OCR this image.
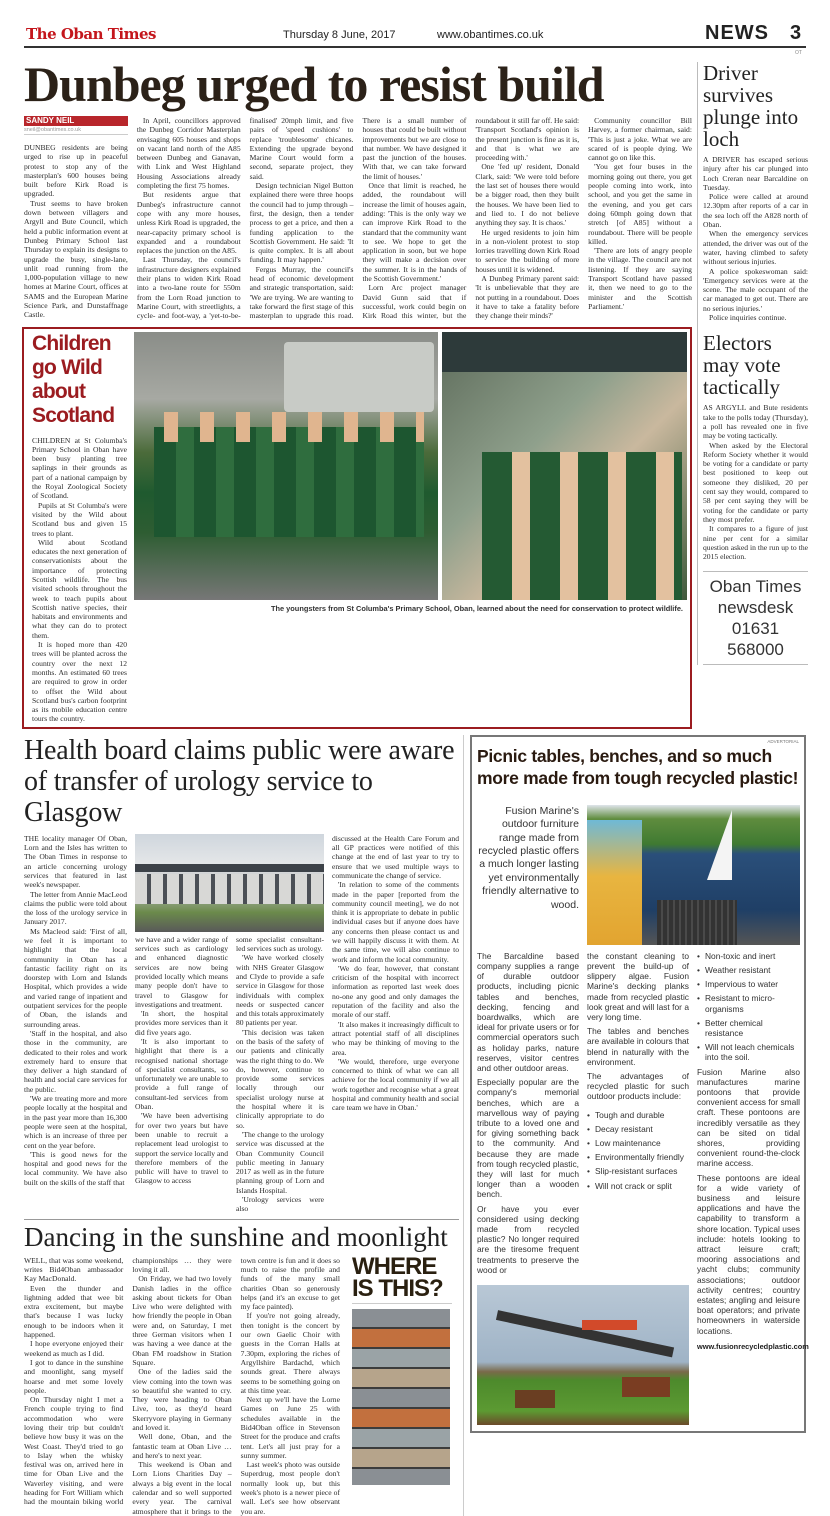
The Oban Times	Thursday 8 June, 2017	www.obantimes.co.uk	NEWS 3
OT
Dunbeg urged to resist build
SANDY NEIL
sneil@obantimes.co.uk

DUNBEG residents are being urged to rise up in peaceful protest to stop any of the masterplan's 600 houses being built before Kirk Road is upgraded.

Trust seems to have broken down between villagers and Argyll and Bute Council, which held a public information event at Dunbeg Primary School last Thursday to explain its designs to upgrade the busy, single-lane, unlit road running from the 1,000-population village to new homes at Marine Court, offices at SAMS and the European Marine Science Park, and Dunstaffnage Castle.

In April, councillors approved the Dunbeg Corridor Masterplan envisaging 605 houses and shops on vacant land north of the A85 between Dunbeg and Ganavan, with Link and West Highland Housing Associations already completing the first 75 homes.

But residents argue that Dunbeg's infrastructure cannot cope with any more houses, unless Kirk Road is upgraded, the near-capacity primary school is expanded and a roundabout replaces the junction on the A85.

Last Thursday, the council's infrastructure designers explained their plans to widen Kirk Road into a two-lane route for 550m from the Lorn Road junction to Marine Court, with streetlights, a cycle- and foot-way, a 'yet-to-be-finalised' 20mph limit, and five pairs of 'speed cushions' to replace 'troublesome' chicanes. Extending the upgrade beyond Marine Court would form a second, separate project, they said.

Design technician Nigel Button explained there were three hoops the council had to jump through – first, the design, then a tender process to get a price, and then a funding application to the Scottish Government. He said: 'It is quite complex. It is all about funding. It may happen.'

Fergus Murray, the council's head of economic development and strategic transportation, said: 'We are trying. We are wanting to take forward the first stage of this masterplan to upgrade this road. There is a small number of houses that could be built without improvements but we are close to that number. We have designed it past the junction of the houses. With that, we can take forward the limit of houses.'

Once that limit is reached, he added, the roundabout will increase the limit of houses again, adding: 'This is the only way we can improve Kirk Road to the standard that the community want to see. We hope to get the application in soon, but we hope they will make a decision over the summer. It is in the hands of the Scottish Government.'

Lorn Arc project manager David Gunn said that if successful, work could begin on Kirk Road this winter, but the roundabout it still far off. He said: 'Transport Scotland's opinion is the present junction is fine as it is, and that is what we are proceeding with.'

One 'fed up' resident, Donald Clark, said: 'We were told before the last set of houses there would be a bigger road, then they built the houses. We have been lied to and lied to. I do not believe anything they say. It is chaos.'

He urged residents to join him in a non-violent protest to stop lorries travelling down Kirk Road to service the building of more houses until it is widened.

A Dunbeg Primary parent said: 'It is unbelievable that they are not putting in a roundabout. Does it have to take a fatality before they change their minds?'

Community councillor Bill Harvey, a former chairman, said: 'This is just a joke. What we are scared of is people dying. We cannot go on like this.

'You get four buses in the morning going out there, you get people coming into work, into school, and you get the same in the evening, and you get cars doing 60mph going down that stretch [of A85] without a roundabout. There will be people killed.

'There are lots of angry people in the village. The council are not listening. If they are saying Transport Scotland have passed it, then we need to go to the minister and the Scottish Parliament.'

Children go Wild about Scotland

CHILDREN at St Columba's Primary School in Oban have been busy planting tree saplings in their grounds as part of a national campaign by the Royal Zoological Society of Scotland.

Pupils at St Columba's were visited by the Wild about Scotland bus and given 15 trees to plant.

Wild about Scotland educates the next generation of conservationists about the importance of protecting Scottish wildlife. The bus visited schools throughout the week to teach pupils about Scottish native species, their habitats and environments and what they can do to protect them.

It is hoped more than 420 trees will be planted across the country over the next 12 months. An estimated 60 trees are required to grow in order to offset the Wild about Scotland bus's carbon footprint as its mobile education centre tours the country.

The youngsters from St Columba's Primary School, Oban, learned about the need for conservation to protect wildlife.
Driver survives plunge into loch

A DRIVER has escaped serious injury after his car plunged into Loch Creran near Barcaldine on Tuesday.

Police were called at around 12.30pm after reports of a car in the sea loch off the A828 north of Oban.

When the emergency services attended, the driver was out of the water, having climbed to safety without serious injuries.

A police spokeswoman said: 'Emergency services were at the scene. The male occupant of the car managed to get out. There are no serious injuries.'

Police inquiries continue.

Electors may vote tactically

AS ARGYLL and Bute residents take to the polls today (Thursday), a poll has revealed one in five may be voting tactically.

When asked by the Electoral Reform Society whether it would be voting for a candidate or party best positioned to keep out someone they disliked, 20 per cent say they would, compared to 58 per cent saying they will be voting for the candidate or party they most prefer.

It compares to a figure of just nine per cent for a similar question asked in the run up to the 2015 election.

Oban Times
newsdesk
01631 568000
Health board claims public were aware of transfer of urology service to Glasgow

THE locality manager Of Oban, Lorn and the Isles has written to The Oban Times in response to an article concerning urology services that featured in last week's newspaper.

The letter from Annie MacLeod claims the public were told about the loss of the urology service in January 2017.

Ms Macleod said: 'First of all, we feel it is important to highlight that the local community in Oban has a fantastic facility right on its doorstep with Lorn and Islands Hospital, which provides a wide and varied range of inpatient and outpatient services for the people of Oban, the islands and surrounding areas.

'Staff in the hospital, and also those in the community, are dedicated to their roles and work extremely hard to ensure that they deliver a high standard of health and social care services for the public.

'We are treating more and more people locally at the hospital and in the past year more than 16,300 people were seen at the hospital, which is an increase of three per cent on the year before.

'This is good news for the hospital and good news for the local community. We have also built on the skills of the staff that

we have and a wider range of services such as cardiology and enhanced diagnostic services are now being provided locally which means many people don't have to travel to Glasgow for investigations and treatment.

'In short, the hospital provides more services than it did five years ago.

'It is also important to highlight that there is a recognised national shortage of specialist consultants, so unfortunately we are unable to provide a full range of consultant-led services from Oban.

'We have been advertising for over two years but have been unable to recruit a replacement lead urologist to support the service locally and therefore members of the public will have to travel to Glasgow to access

some specialist consultant-led services such as urology.

'We have worked closely with NHS Greater Glasgow and Clyde to provide a safe service in Glasgow for those individuals with complex needs or suspected cancer and this totals approximately 80 patients per year.

'This decision was taken on the basis of the safety of our patients and clinically was the right thing to do. We do, however, continue to provide some services locally through our specialist urology nurse at the hospital where it is clinically appropriate to do so.

'The change to the urology service was discussed at the Oban Community Council public meeting in January 2017 as well as in the future planning group of Lorn and Islands Hospital.

'Urology services were also

discussed at the Health Care Forum and all GP practices were notified of this change at the end of last year to try to ensure that we used multiple ways to communicate the change of service.

'In relation to some of the comments made in the paper [reported from the community council meeting], we do not think it is appropriate to debate in public individual cases but if anyone does have any concerns then please contact us and we will happily discuss it with them. At the same time, we will also continue to work and inform the local community.

'We do fear, however, that constant criticism of the hospital with incorrect information as reported last week does no-one any good and only damages the reputation of the facility and also the morale of our staff.

'It also makes it increasingly difficult to attract potential staff of all disciplines who may be thinking of moving to the area.

'We would, therefore, urge everyone concerned to think of what we can all achieve for the local community if we all work together and recognise what a great hospital and community health and social care team we have in Oban.'

Dancing in the sunshine and moonlight

WELL, that was some weekend, writes Bid4Oban ambassador Kay MacDonald.

Even the thunder and lightning added that wee bit extra excitement, but maybe that's because I was lucky enough to be indoors when it happened.

I hope everyone enjoyed their weekend as much as I did.

I got to dance in the sunshine and moonlight, sang myself hoarse and met some lovely people.

On Thursday night I met a French couple trying to find accommodation who were loving their trip but couldn't believe how busy it was on the West Coast. They'd tried to go to Islay when the whisky festival was on, arrived here in time for Oban Live and the Waverley visiting, and were heading for Fort William which had the mountain biking world championships … they were loving it all.

On Friday, we had two lovely Danish ladies in the office asking about tickets for Oban Live who were delighted with how friendly the people in Oban were and, on Saturday, I met three German visitors when I was having a wee dance at the Oban FM roadshow in Station Square.

One of the ladies said the view coming into the town was so beautiful she wanted to cry. They were heading to Oban Live, too, as they'd heard Skerryvore playing in Germany and loved it.

Well done, Oban, and the fantastic team at Oban Live … and here's to next year.

This weekend is Oban and Lorn Lions Charities Day – always a big event in the local calendar and so well supported every year. The carnival atmosphere that it brings to the town centre is fun and it does so much to raise the profile and funds of the many small charities Oban so generously helps (and it's an excuse to get my face painted).

If you're not going already, then tonight is the concert by our own Gaelic Choir with guests in the Corran Halls at 7.30pm, exploring the riches of Argyllshire Bardachd, which sounds great. There always seems to be something going on at this time year.

Next up we'll have the Lorne Games on June 25 with schedules available in the Bid4Oban office in Stevenson Street for the produce and crafts tent. Let's all just pray for a sunny summer.

Last week's photo was outside Superdrug, most people don't normally look up, but this week's photo is a newer piece of wall. Let's see how observant you are.

WHERE
IS THIS?
ADVERTORIAL
Picnic tables, benches, and so much more made from tough recycled plastic!
Fusion Marine's outdoor furniture range made from recycled plastic offers a much longer lasting yet environmentally friendly alternative to wood.

The Barcaldine based company supplies a range of durable outdoor products, including picnic tables and benches, decking, fencing and boardwalks, which are ideal for private users or for commercial operators such as holiday parks, nature reserves, visitor centres and other outdoor areas.

Especially popular are the company's memorial benches, which are a marvellous way of paying tribute to a loved one and for giving something back to the community. And because they are made from tough recycled plastic, they will last for much longer than a wooden bench.

Or have you ever considered using decking made from recycled plastic? No longer required are the tiresome frequent treatments to preserve the wood or

the constant cleaning to prevent the build-up of slippery algae. Fusion Marine's decking planks made from recycled plastic look great and will last for a very long time.

The tables and benches are available in colours that blend in naturally with the environment.

The advantages of recycled plastic for such outdoor products include:

• Tough and durable
• Decay resistant
• Low maintenance
• Environmentally friendly
• Slip-resistant surfaces
• Will not crack or split
• Non-toxic and inert
• Weather resistant
• Impervious to water
• Resistant to micro-organisms
• Better chemical resistance
• Will not leach chemicals into the soil.

Fusion Marine also manufactures marine pontoons that provide convenient access for small craft. These pontoons are incredibly versatile as they can be sited on tidal shores, providing convenient round-the-clock marine access.

These pontoons are ideal for a wide variety of business and leisure applications and have the capability to transform a shore location. Typical uses include: hotels looking to attract leisure craft; mooring associations and yacht clubs; community associations; outdoor activity centres; country estates; angling and leisure boat operators; and private homeowners in waterside locations.

www.fusionrecycledplastic.com
